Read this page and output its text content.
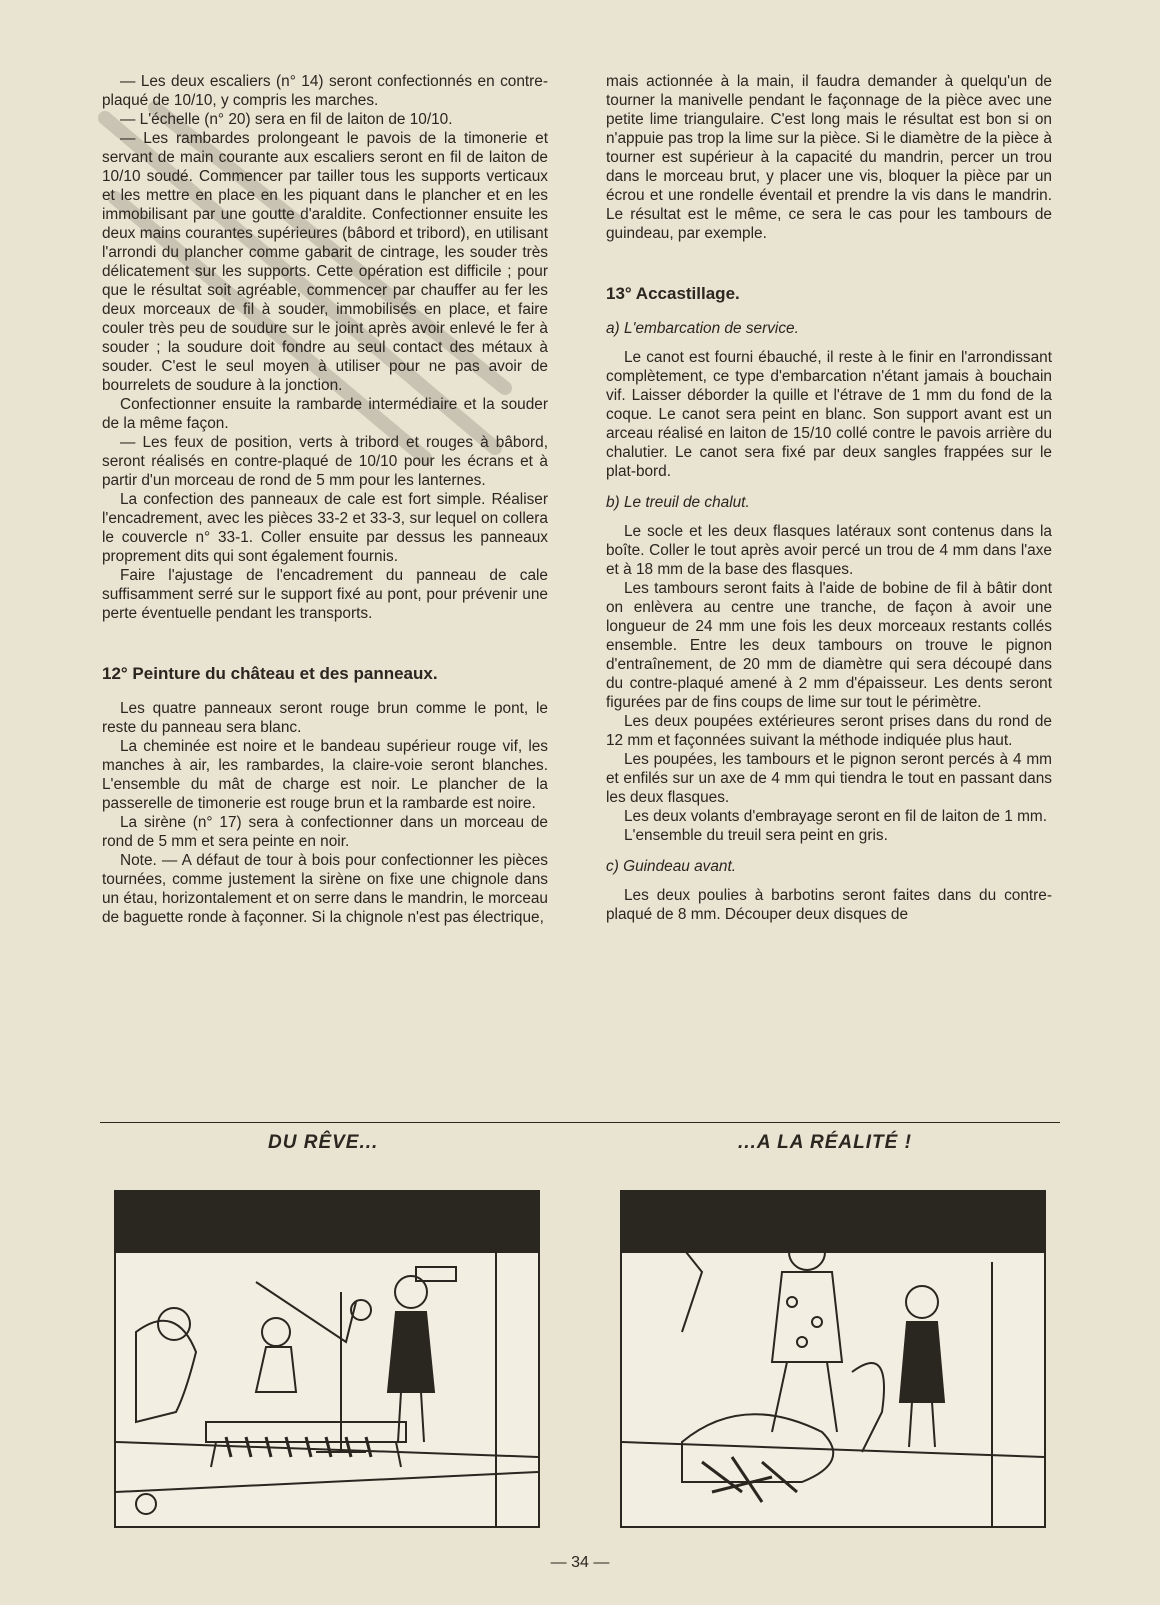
— Les deux escaliers (n° 14) seront confectionnés en contre-plaqué de 10/10, y compris les marches.

— L'échelle (n° 20) sera en fil de laiton de 10/10.

— Les rambardes prolongeant le pavois de la timonerie et servant de main courante aux escaliers seront en fil de laiton de 10/10 soudé. Commencer par tailler tous les supports verticaux et les mettre en place en les piquant dans le plancher et en les immobilisant par une goutte d'araldite. Confectionner ensuite les deux mains courantes supérieures (bâbord et tribord), en utilisant l'arrondi du plancher comme gabarit de cintrage, les souder très délicatement sur les supports. Cette opération est difficile ; pour que le résultat soit agréable, commencer par chauffer au fer les deux morceaux de fil à souder, immobilisés en place, et faire couler très peu de soudure sur le joint après avoir enlevé le fer à souder ; la soudure doit fondre au seul contact des métaux à souder. C'est le seul moyen à utiliser pour ne pas avoir de bourrelets de soudure à la jonction.

Confectionner ensuite la rambarde intermédiaire et la souder de la même façon.

— Les feux de position, verts à tribord et rouges à bâbord, seront réalisés en contre-plaqué de 10/10 pour les écrans et à partir d'un morceau de rond de 5 mm pour les lanternes.

La confection des panneaux de cale est fort simple. Réaliser l'encadrement, avec les pièces 33-2 et 33-3, sur lequel on collera le couvercle n° 33-1. Coller ensuite par dessus les panneaux proprement dits qui sont également fournis.

Faire l'ajustage de l'encadrement du panneau de cale suffisamment serré sur le support fixé au pont, pour prévenir une perte éventuelle pendant les transports.

12° Peinture du château et des panneaux.

Les quatre panneaux seront rouge brun comme le pont, le reste du panneau sera blanc.

La cheminée est noire et le bandeau supérieur rouge vif, les manches à air, les rambardes, la claire-voie seront blanches. L'ensemble du mât de charge est noir. Le plancher de la passerelle de timonerie est rouge brun et la rambarde est noire.

La sirène (n° 17) sera à confectionner dans un morceau de rond de 5 mm et sera peinte en noir.

Note. — A défaut de tour à bois pour confectionner les pièces tournées, comme justement la sirène on fixe une chignole dans un étau, horizontalement et on serre dans le mandrin, le morceau de baguette ronde à façonner. Si la chignole n'est pas électrique,

mais actionnée à la main, il faudra demander à quelqu'un de tourner la manivelle pendant le façonnage de la pièce avec une petite lime triangulaire. C'est long mais le résultat est bon si on n'appuie pas trop la lime sur la pièce. Si le diamètre de la pièce à tourner est supérieur à la capacité du mandrin, percer un trou dans le morceau brut, y placer une vis, bloquer la pièce par un écrou et une rondelle éventail et prendre la vis dans le mandrin. Le résultat est le même, ce sera le cas pour les tambours de guindeau, par exemple.

13° Accastillage.

a) L'embarcation de service.

Le canot est fourni ébauché, il reste à le finir en l'arrondissant complètement, ce type d'embarcation n'étant jamais à bouchain vif. Laisser déborder la quille et l'étrave de 1 mm du fond de la coque. Le canot sera peint en blanc. Son support avant est un arceau réalisé en laiton de 15/10 collé contre le pavois arrière du chalutier. Le canot sera fixé par deux sangles frappées sur le plat-bord.

b) Le treuil de chalut.

Le socle et les deux flasques latéraux sont contenus dans la boîte. Coller le tout après avoir percé un trou de 4 mm dans l'axe et à 18 mm de la base des flasques.

Les tambours seront faits à l'aide de bobine de fil à bâtir dont on enlèvera au centre une tranche, de façon à avoir une longueur de 24 mm une fois les deux morceaux restants collés ensemble. Entre les deux tambours on trouve le pignon d'entraînement, de 20 mm de diamètre qui sera découpé dans du contre-plaqué amené à 2 mm d'épaisseur. Les dents seront figurées par de fins coups de lime sur tout le périmètre.

Les deux poupées extérieures seront prises dans du rond de 12 mm et façonnées suivant la méthode indiquée plus haut.

Les poupées, les tambours et le pignon seront percés à 4 mm et enfilés sur un axe de 4 mm qui tiendra le tout en passant dans les deux flasques.

Les deux volants d'embrayage seront en fil de laiton de 1 mm.

L'ensemble du treuil sera peint en gris.

c) Guindeau avant.

Les deux poulies à barbotins seront faites dans du contre-plaqué de 8 mm. Découper deux disques de

DU RÊVE...	...A LA RÉALITÉ !
— 34 —
